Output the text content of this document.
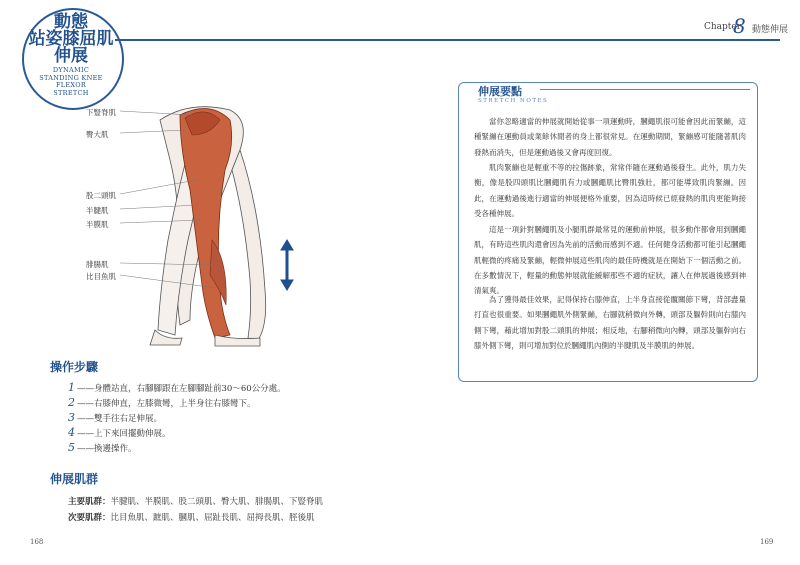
動態
站姿膝屈肌
伸展
DYNAMIC
STANDING KNEE
FLEXOR
STRETCH
Chapter
8 動態伸展
下豎脊肌
臀大肌
股二頭肌
半腱肌
半膜肌
腓腸肌
比目魚肌
操作步驟
1 ——身體站直，右腳腳跟在左腳腳趾前30～60公分處。
2 ——右膝伸直，左膝微彎，上半身往右膝彎下。
3 ——雙手往右足伸展。
4 ——上下來回擺動伸展。
5 ——換邊操作。
伸展肌群
主要肌群：半腱肌、半膜肌、股二頭肌、臀大肌、腓腸肌、下豎脊肌
次要肌群：比目魚肌、蹠肌、膕肌、屈趾長肌、屈拇長肌、脛後肌
168	169
伸展要點
STRETCH NOTES
當你忽略適當的伸展就開始從事一項運動時，膕繩肌很可能會因此而緊繃，這種緊繃在運動員或業餘休閒者的身上都很常見。在運動期間，緊繃感可能隨著肌肉發熱而消失，但是運動過後又會再度回復。
肌肉緊繃也是輕重不等的拉傷跡象，常常伴隨在運動過後發生。此外，肌力失衡，像是股四頭肌比膕繩肌有力或膕繩肌比臀肌強壯，都可能導致肌肉緊繃。因此，在運動過後進行適當的伸展便格外重要，因為這時候已經發熱的肌肉更能夠接受各種伸展。
這是一項針對膕繩肌及小腿肌群最常見的運動前伸展，很多動作都會用到膕繩肌，有時這些肌肉還會因為先前的活動而感到不適。任何健身活動都可能引起膕繩肌輕微的疼痛及緊繃，輕微伸展這些肌肉的最佳時機就是在開始下一個活動之前。在多數情況下，輕量的動態伸展就能緩解那些不適的症狀，讓人在伸展過後感到神清氣爽。
為了獲得最佳效果，記得保持右膝伸直，上半身直接從髖關節下彎，背部盡量打直也很重要。如果膕繩肌外側緊繃，右腳就稍微向外轉，頭部及軀幹則向右膝內側下彎，藉此增加對股二頭肌的伸展；相反地，右腳稍微向內轉，頭部及軀幹向右膝外側下彎，則可增加對位於膕繩肌內側的半腱肌及半膜肌的伸展。
